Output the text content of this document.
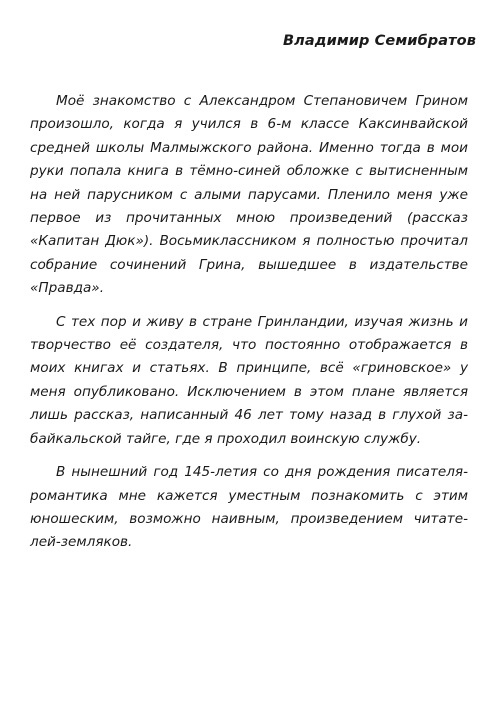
Владимир Семибратов

Моё знакомство с Александром Степановичем Грином произошло, когда я учился в 6-м классе Каксинвайской средней школы Малмыжского района. Именно тогда в мои руки попала книга в тёмно-синей обложке с вытисненным на ней парусником с алыми парусами. Пленило меня уже первое из прочитанных мною произведений (рассказ «Капитан Дюк»). Восьмиклассником я полностью прочитал собрание сочинений Грина, вышедшее в издательстве «Правда».

С тех пор и живу в стране Гринландии, изучая жизнь и творчество её создателя, что постоянно отображается в моих книгах и статьях. В принципе, всё «гриновское» у меня опубликовано. Исключением в этом плане является лишь рассказ, написанный 46 лет тому назад в глухой забайкальской тайге, где я проходил воинскую службу.

В нынешний год 145-летия со дня рождения писателя-романтика мне кажется уместным познакомить с этим юношеским, возможно наивным, произведением читателей-земляков.
